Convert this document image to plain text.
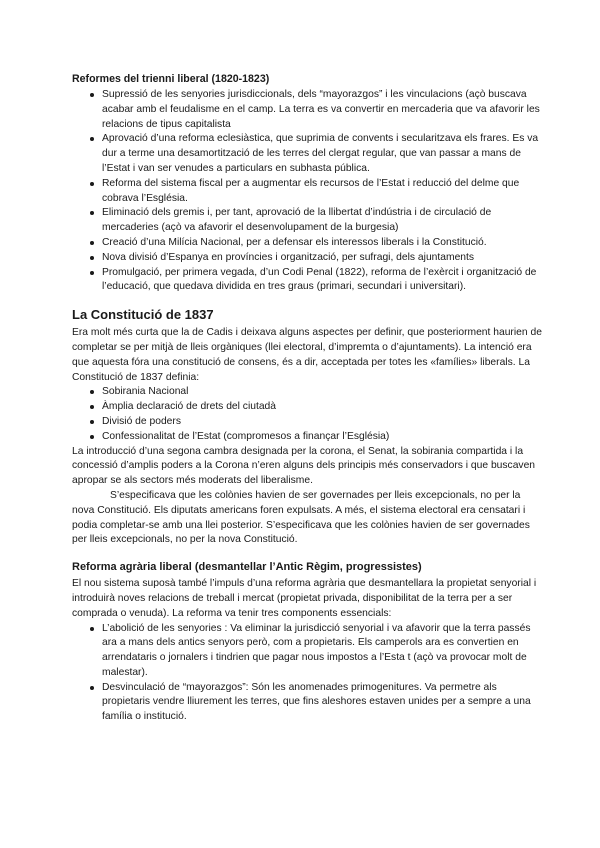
Reformes del trienni liberal (1820-1823)
Supressió de les senyories jurisdiccionals, dels “mayorazgos” i les vinculacions (açò buscava acabar amb el feudalisme en el camp. La terra es va convertir en mercaderia que va afavorir les relacions de tipus capitalista
Aprovació d’una reforma eclesiàstica, que suprimia de convents i secularitzava els frares. Es va dur a terme una desamortització de les terres del clergat regular, que van passar a mans de l’Estat i van ser venudes a particulars en subhasta pública.
Reforma del sistema fiscal per a augmentar els recursos de l’Estat i reducció del delme que cobrava l’Església.
Eliminació dels gremis i, per tant, aprovació de la llibertat d’indústria i de circulació de mercaderies (açò va afavorir el desenvolupament de la burgesia)
Creació d’una Milícia Nacional, per a defensar els interessos liberals i la Constitució.
Nova divisió d’Espanya en províncies i organització, per sufragi, dels ajuntaments
Promulgació, per primera vegada, d’un Codi Penal (1822), reforma de l’exèrcit i organització de l’educació, que quedava dividida en tres graus (primari, secundari i universitari).
La Constitució de 1837

Era molt més curta que la de Cadis i deixava alguns aspectes per definir, que posteriorment haurien de completar se per mitjà de lleis orgàniques (llei electoral, d’impremta o d’ajuntaments). La intenció era que aquesta fóra una constitució de consens, és a dir, acceptada per totes les «famílies» liberals. La Constitució de 1837 definia:

Sobirania Nacional
Àmplia declaració de drets del ciutadà
Divisió de poders
Confessionalitat de l’Estat (compromesos a finançar l’Església)

La introducció d’una segona cambra designada per la corona, el Senat, la sobirania compartida i la concessió d’amplis poders a la Corona n’eren alguns dels principis més conservadors i que buscaven apropar se als sectors més moderats del liberalisme.

S’especificava que les colònies havien de ser governades per lleis excepcionals, no per la nova Constitució. Els diputats americans foren expulsats. A més, el sistema electoral era censatari i podia completar-se amb una llei posterior. S’especificava que les colònies havien de ser governades per lleis excepcionals, no per la nova Constitució.

Reforma agrària liberal (desmantellar l’Antic Règim, progressistes)

El nou sistema suposà també l’impuls d’una reforma agrària que desmantellara la propietat senyorial i introduirà noves relacions de treball i mercat (propietat privada, disponibilitat de la terra per a ser comprada o venuda). La reforma va tenir tres components essencials:

L’abolició de les senyories : Va eliminar la jurisdicció senyorial i va afavorir que la terra passés ara a mans dels antics senyors però, com a propietaris. Els camperols ara es convertien en arrendataris o jornalers i tindrien que pagar nous impostos a l’Esta t (açò va provocar molt de malestar).
Desvinculació de “mayorazgos”: Són les anomenades primogenitures. Va permetre als propietaris vendre lliurement les terres, que fins aleshores estaven unides per a sempre a una família o institució.
